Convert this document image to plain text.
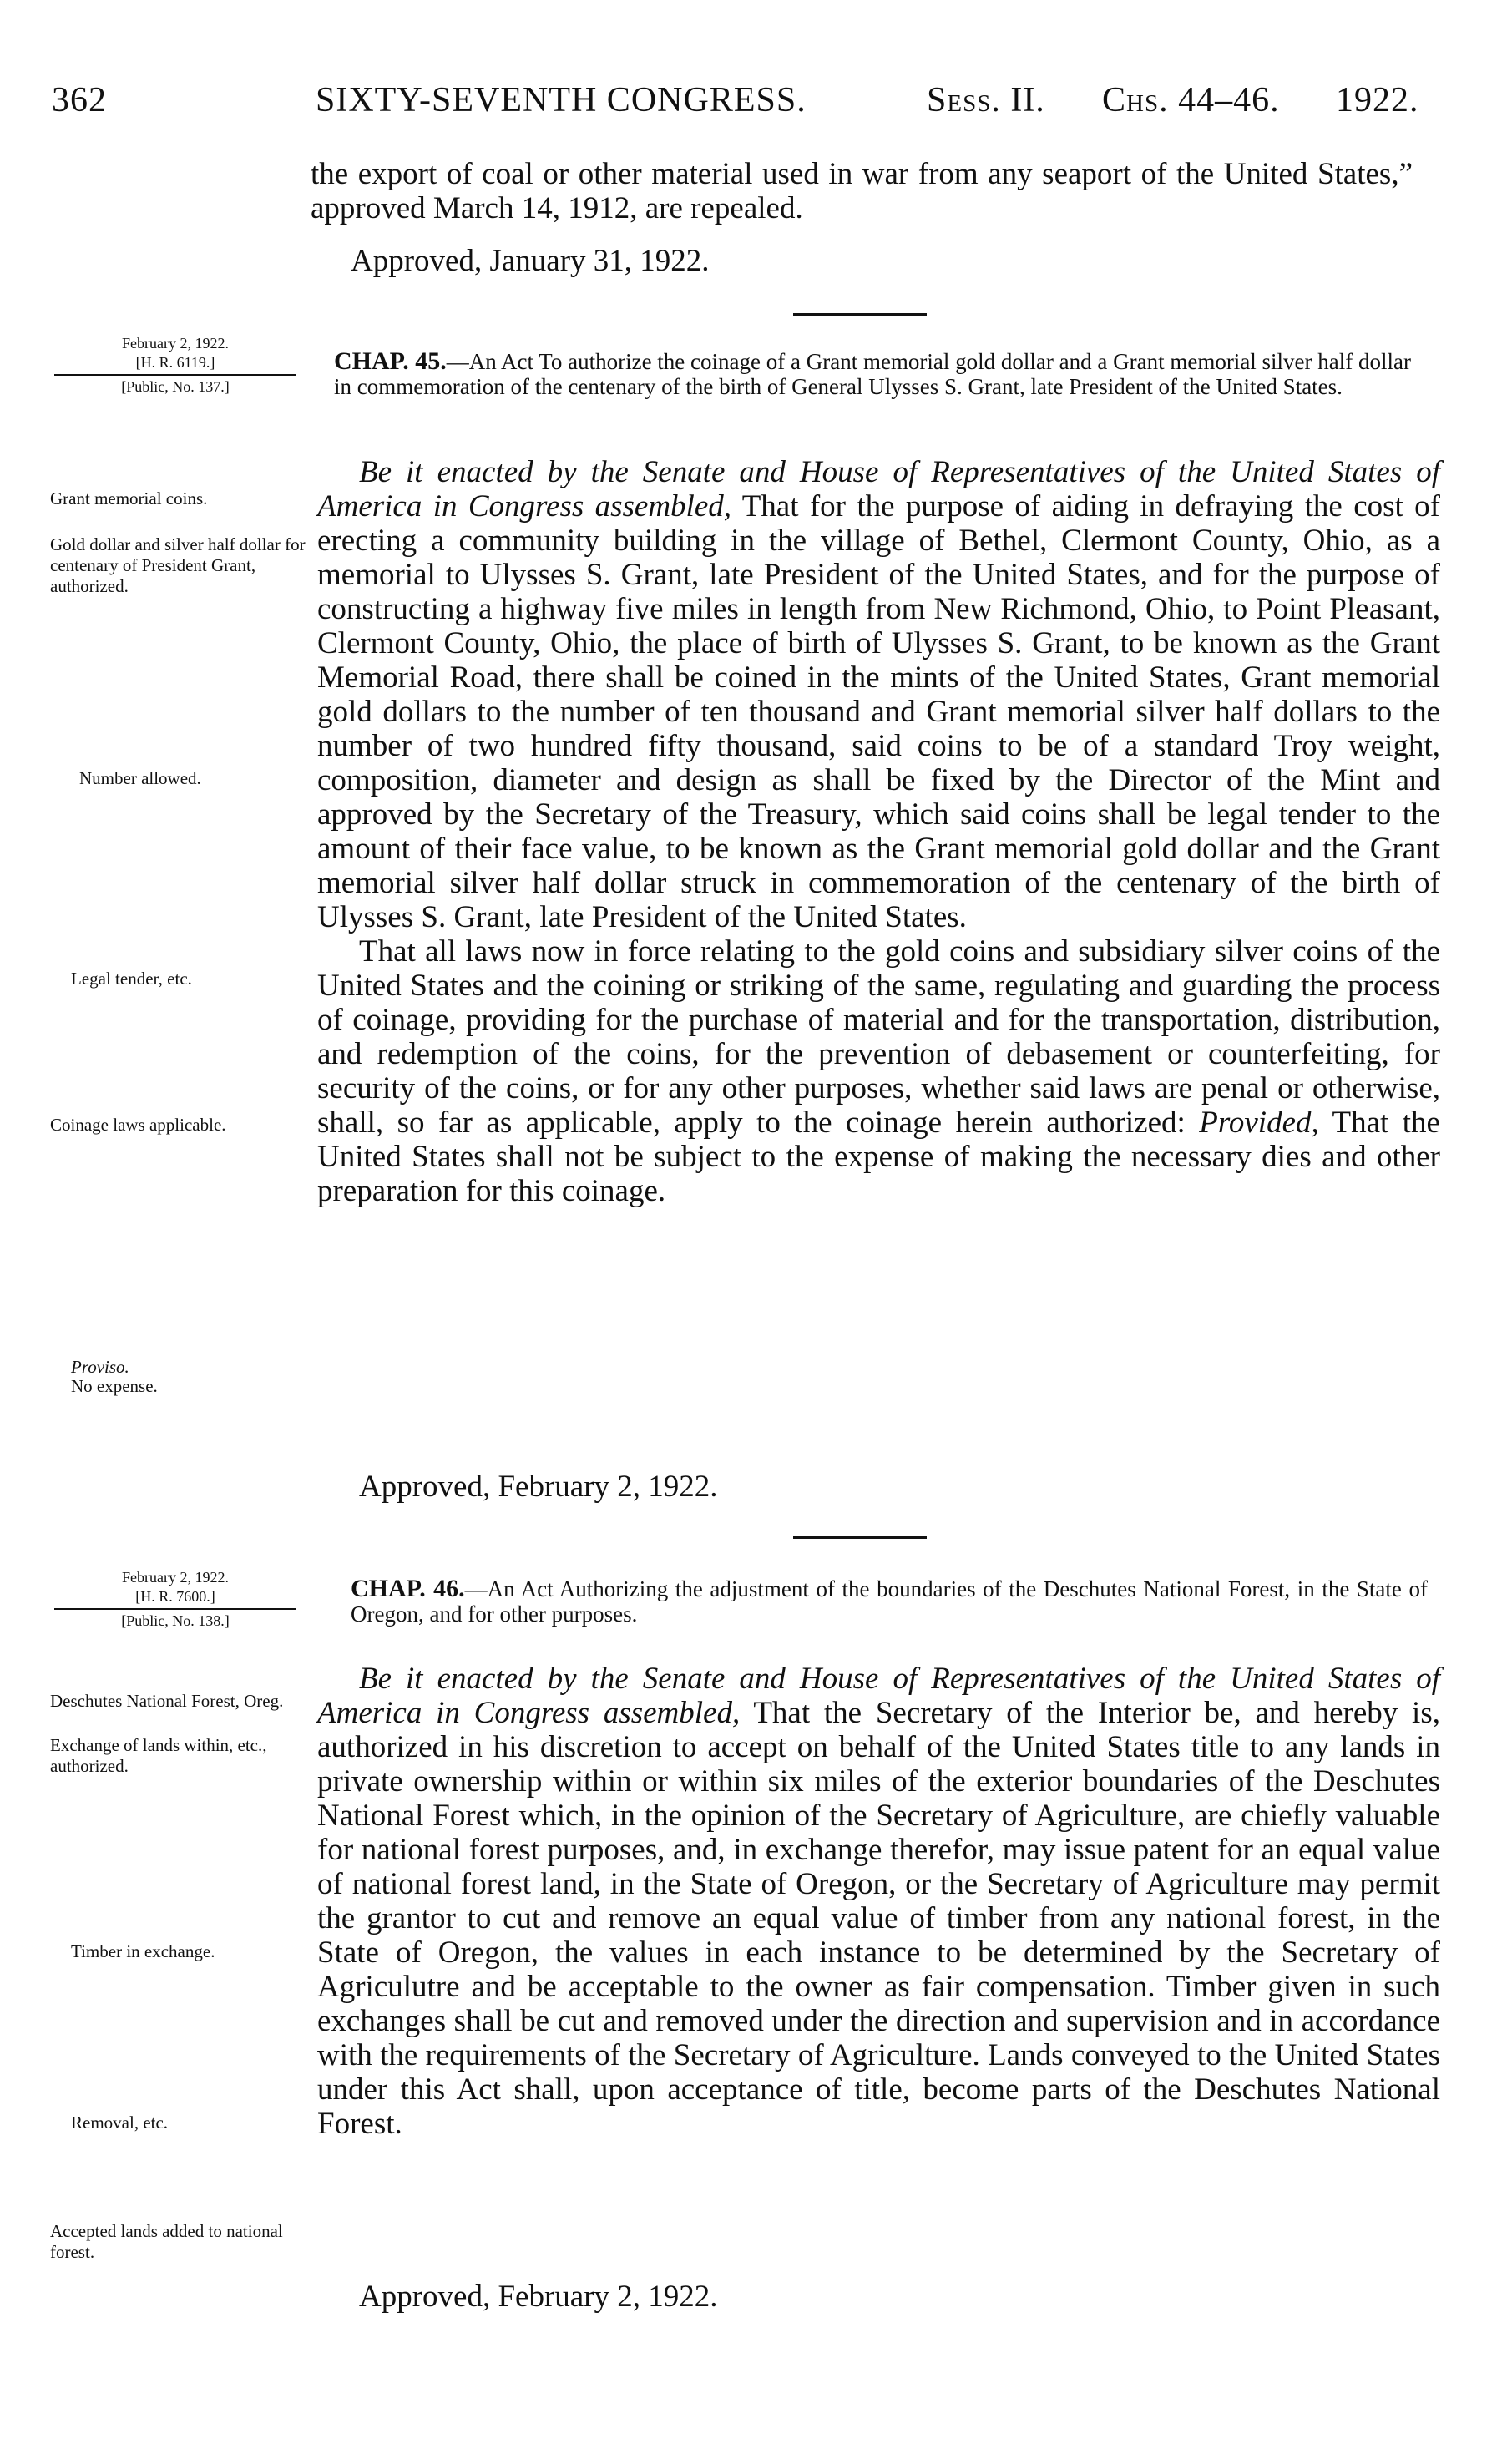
362	SIXTY-SEVENTH CONGRESS.	Sess. II. Chs. 44–46. 1922.

the export of coal or other material used in war from any seaport of the United States,” approved March 14, 1912, are repealed.

Approved, January 31, 1922.
February 2, 1922.
[H. R. 6119.]
[Public, No. 137.]
CHAP. 45.—An Act To authorize the coinage of a Grant memorial gold dollar and a Grant memorial silver half dollar in commemoration of the centenary of the birth of General Ulysses S. Grant, late President of the United States.
Grant memorial coins.
Gold dollar and silver half dollar for centenary of President Grant, authorized.
Number allowed.
Legal tender, etc.
Coinage laws applicable.
Proviso.
No expense.

Be it enacted by the Senate and House of Representatives of the United States of America in Congress assembled, That for the purpose of aiding in defraying the cost of erecting a community building in the village of Bethel, Clermont County, Ohio, as a memorial to Ulysses S. Grant, late President of the United States, and for the purpose of constructing a highway five miles in length from New Richmond, Ohio, to Point Pleasant, Clermont County, Ohio, the place of birth of Ulysses S. Grant, to be known as the Grant Memorial Road, there shall be coined in the mints of the United States, Grant memorial gold dollars to the number of ten thousand and Grant memorial silver half dollars to the number of two hundred fifty thousand, said coins to be of a standard Troy weight, composition, diameter and design as shall be fixed by the Director of the Mint and approved by the Secretary of the Treasury, which said coins shall be legal tender to the amount of their face value, to be known as the Grant memorial gold dollar and the Grant memorial silver half dollar struck in commemoration of the centenary of the birth of Ulysses S. Grant, late President of the United States.

That all laws now in force relating to the gold coins and subsidiary silver coins of the United States and the coining or striking of the same, regulating and guarding the process of coinage, providing for the purchase of material and for the transportation, distribution, and redemption of the coins, for the prevention of debasement or counterfeiting, for security of the coins, or for any other purposes, whether said laws are penal or otherwise, shall, so far as applicable, apply to the coinage herein authorized: Provided, That the United States shall not be subject to the expense of making the necessary dies and other preparation for this coinage.

Approved, February 2, 1922.
February 2, 1922.
[H. R. 7600.]
[Public, No. 138.]
CHAP. 46.—An Act Authorizing the adjustment of the boundaries of the Deschutes National Forest, in the State of Oregon, and for other purposes.
Deschutes National Forest, Oreg.
Exchange of lands within, etc., authorized.
Timber in exchange.
Removal, etc.
Accepted lands added to national forest.

Be it enacted by the Senate and House of Representatives of the United States of America in Congress assembled, That the Secretary of the Interior be, and hereby is, authorized in his discretion to accept on behalf of the United States title to any lands in private ownership within or within six miles of the exterior boundaries of the Deschutes National Forest which, in the opinion of the Secretary of Agriculture, are chiefly valuable for national forest purposes, and, in exchange therefor, may issue patent for an equal value of national forest land, in the State of Oregon, or the Secretary of Agriculture may permit the grantor to cut and remove an equal value of timber from any national forest, in the State of Oregon, the values in each instance to be determined by the Secretary of Agriculutre and be acceptable to the owner as fair compensation. Timber given in such exchanges shall be cut and removed under the direction and supervision and in accordance with the requirements of the Secretary of Agriculture. Lands conveyed to the United States under this Act shall, upon acceptance of title, become parts of the Deschutes National Forest.

Approved, February 2, 1922.
